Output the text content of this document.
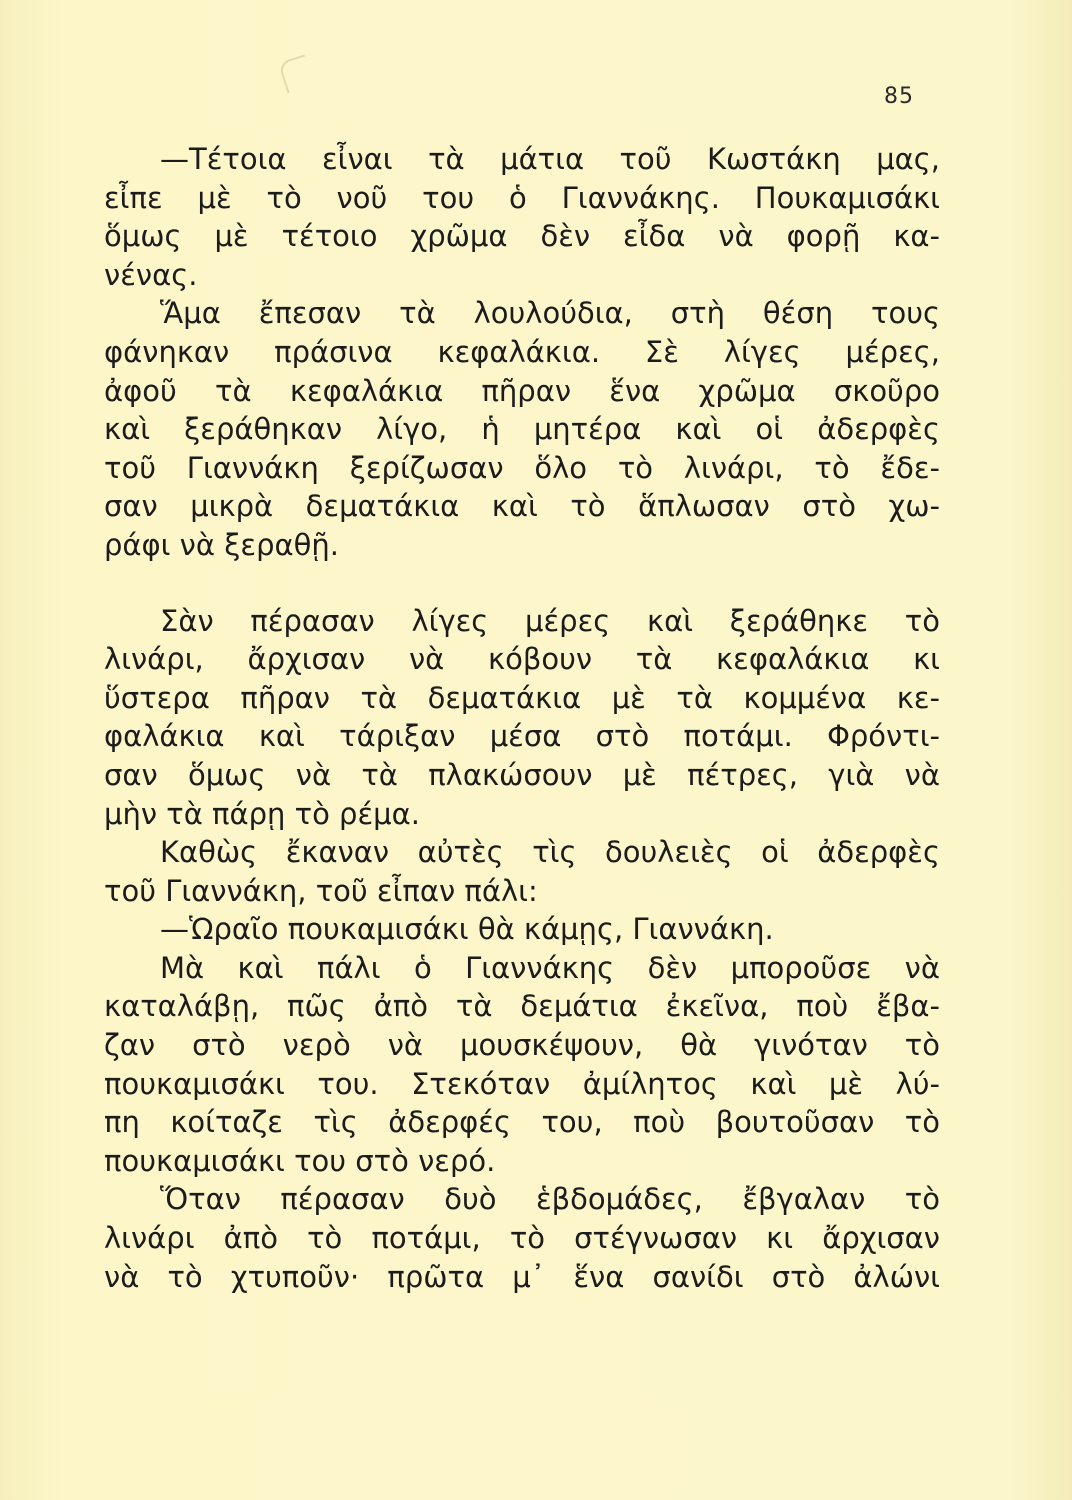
85
—Τέτοια εἶναι τὰ μάτια τοῦ Κωστάκη μας,
εἶπε μὲ τὸ νοῦ του ὁ Γιαννάκης. Πουκαμισάκι
ὅμως μὲ τέτοιο χρῶμα δὲν εἶδα νὰ φορῇ κα-
νένας.
Ἅμα ἔπεσαν τὰ λουλούδια, στὴ θέση τους
φάνηκαν πράσινα κεφαλάκια. Σὲ λίγες μέρες,
ἀφοῦ τὰ κεφαλάκια πῆραν ἕνα χρῶμα σκοῦρο
καὶ ξεράθηκαν λίγο, ἡ μητέρα καὶ οἱ ἀδερφὲς
τοῦ Γιαννάκη ξερίζωσαν ὅλο τὸ λινάρι, τὸ ἔδε-
σαν μικρὰ δεματάκια καὶ τὸ ἅπλωσαν στὸ χω-
ράφι νὰ ξεραθῇ.
Σὰν πέρασαν λίγες μέρες καὶ ξεράθηκε τὸ
λινάρι, ἄρχισαν νὰ κόβουν τὰ κεφαλάκια κι
ὕστερα πῆραν τὰ δεματάκια μὲ τὰ κομμένα κε-
φαλάκια καὶ τάριξαν μέσα στὸ ποτάμι. Φρόντι-
σαν ὅμως νὰ τὰ πλακώσουν μὲ πέτρες, γιὰ νὰ
μὴν τὰ πάρῃ τὸ ρέμα.
Καθὼς ἔκαναν αὐτὲς τὶς δουλειὲς οἱ ἀδερφὲς
τοῦ Γιαννάκη, τοῦ εἶπαν πάλι:
—Ὡραῖο πουκαμισάκι θὰ κάμῃς, Γιαννάκη.
Μὰ καὶ πάλι ὁ Γιαννάκης δὲν μποροῦσε νὰ
καταλάβῃ, πῶς ἀπὸ τὰ δεμάτια ἐκεῖνα, ποὺ ἔβα-
ζαν στὸ νερὸ νὰ μουσκέψουν, θὰ γινόταν τὸ
πουκαμισάκι του. Στεκόταν ἀμίλητος καὶ μὲ λύ-
πη κοίταζε τὶς ἀδερφές του, ποὺ βουτοῦσαν τὸ
πουκαμισάκι του στὸ νερό.
Ὅταν πέρασαν δυὸ ἑβδομάδες, ἔβγαλαν τὸ
λινάρι ἀπὸ τὸ ποτάμι, τὸ στέγνωσαν κι ἄρχισαν
νὰ τὸ χτυποῦν· πρῶτα μ᾿ ἕνα σανίδι στὸ ἀλώνι
